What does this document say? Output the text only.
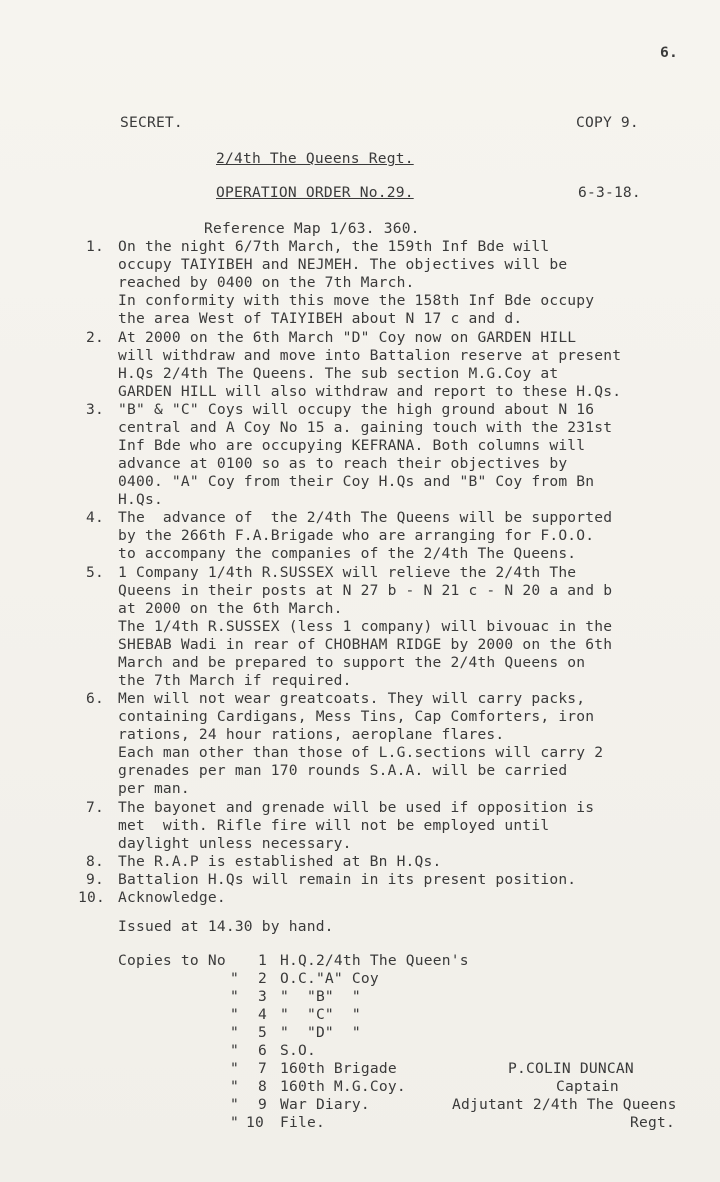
6.
SECRET.	COPY 9.
2/4th The Queens Regt.
OPERATION ORDER No.29.	6-3-18.
Reference Map 1/63. 360.
1. On the night 6/7th March, the 159th Inf Bde will
occupy TAIYIBEH and NEJMEH. The objectives will be
reached by 0400 on the 7th March.
In conformity with this move the 158th Inf Bde occupy
the area West of TAIYIBEH about N 17 c and d.
2. At 2000 on the 6th March "D" Coy now on GARDEN HILL
will withdraw and move into Battalion reserve at present
H.Qs 2/4th The Queens. The sub section M.G.Coy at
GARDEN HILL will also withdraw and report to these H.Qs.
3. "B" & "C" Coys will occupy the high ground about N 16
central and A Coy No 15 a. gaining touch with the 231st
Inf Bde who are occupying KEFRANA. Both columns will
advance at 0100 so as to reach their objectives by
0400. "A" Coy from their Coy H.Qs and "B" Coy from Bn
H.Qs.
4. The  advance of  the 2/4th The Queens will be supported
by the 266th F.A.Brigade who are arranging for F.O.O.
to accompany the companies of the 2/4th The Queens.
5. 1 Company 1/4th R.SUSSEX will relieve the 2/4th The
Queens in their posts at N 27 b - N 21 c - N 20 a and b
at 2000 on the 6th March.
The 1/4th R.SUSSEX (less 1 company) will bivouac in the
SHEBAB Wadi in rear of CHOBHAM RIDGE by 2000 on the 6th
March and be prepared to support the 2/4th Queens on
the 7th March if required.
6. Men will not wear greatcoats. They will carry packs,
containing Cardigans, Mess Tins, Cap Comforters, iron
rations, 24 hour rations, aeroplane flares.
Each man other than those of L.G.sections will carry 2
grenades per man 170 rounds S.A.A. will be carried
per man.
7. The bayonet and grenade will be used if opposition is
met  with. Rifle fire will not be employed until
daylight unless necessary.
8. The R.A.P is established at Bn H.Qs.
9. Battalion H.Qs will remain in its present position.
10. Acknowledge.
Issued at 14.30 by hand.
Copies to No 1 H.Q.2/4th The Queen's
" 2 O.C."A" Coy
" 3 "  "B"  "
" 4 "  "C"  "
" 5 "  "D"  "
" 6 S.O.
" 7 160th Brigade
" 8 160th M.G.Coy.
" 9 War Diary.
" 10 File.
P.COLIN DUNCAN
Captain
Adjutant 2/4th The Queens
Regt.
